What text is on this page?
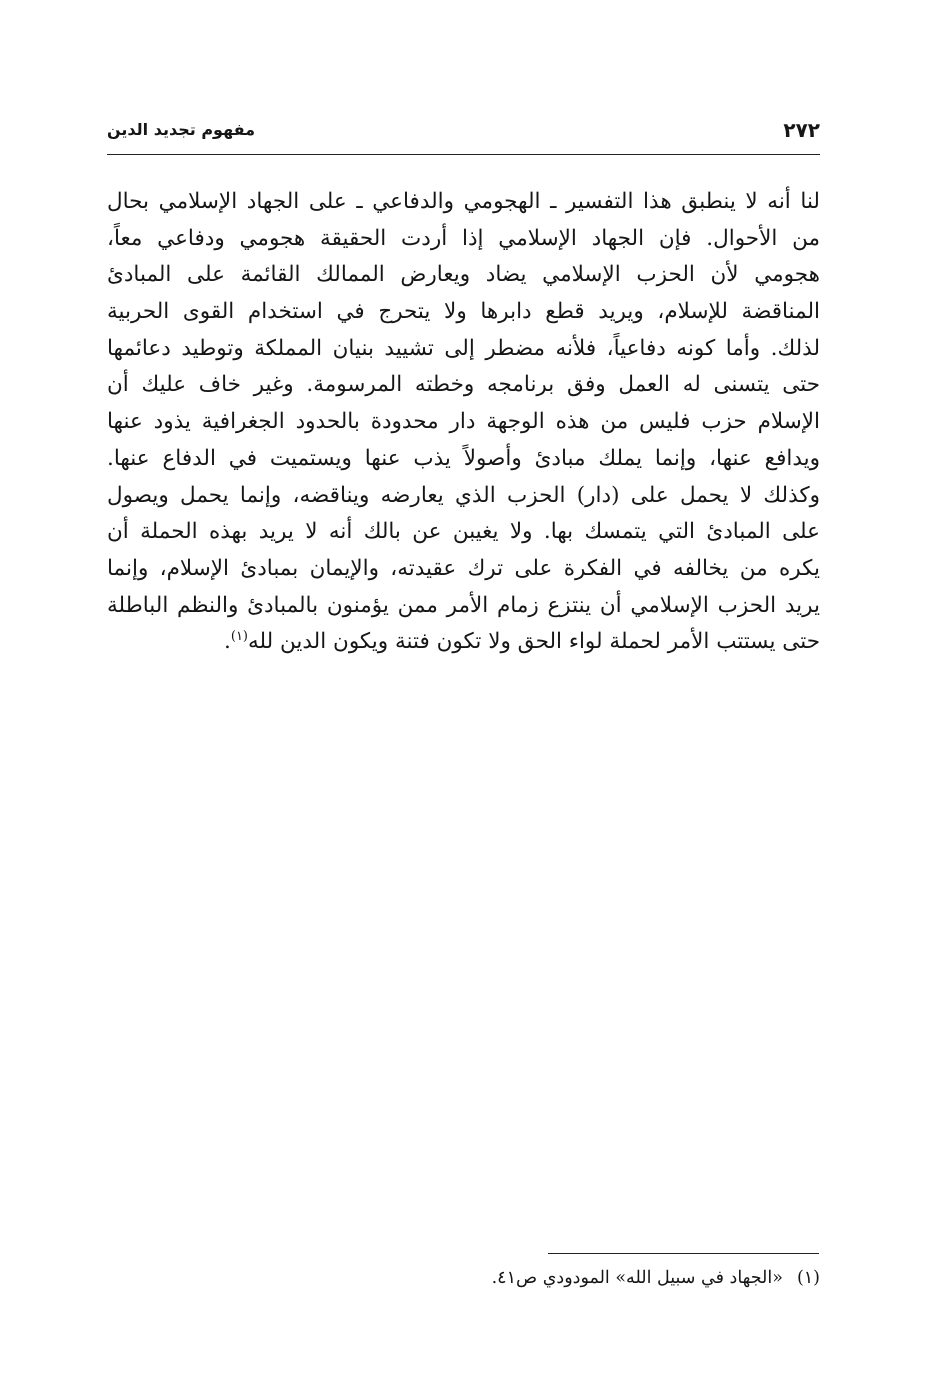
٢٧٢
مفهوم تجديد الدين
لنا أنه لا ينطبق هذا التفسير ـ الهجومي والدفاعي ـ على الجهاد الإسلامي بحال
من الأحوال. فإن الجهاد الإسلامي إذا أردت الحقيقة هجومي ودفاعي معاً،
هجومي لأن الحزب الإسلامي يضاد ويعارض الممالك القائمة على المبادئ
المناقضة للإسلام، ويريد قطع دابرها ولا يتحرج في استخدام القوى الحربية
لذلك. وأما كونه دفاعياً، فلأنه مضطر إلى تشييد بنيان المملكة وتوطيد دعائمها
حتى يتسنى له العمل وفق برنامجه وخطته المرسومة. وغير خاف عليك أن
الإسلام حزب فليس من هذه الوجهة دار محدودة بالحدود الجغرافية يذود عنها
ويدافع عنها، وإنما يملك مبادئ وأصولاً يذب عنها ويستميت في الدفاع عنها.
وكذلك لا يحمل على (دار) الحزب الذي يعارضه ويناقضه، وإنما يحمل ويصول
على المبادئ التي يتمسك بها. ولا يغيبن عن بالك أنه لا يريد بهذه الحملة أن
يكره من يخالفه في الفكرة على ترك عقيدته، والإيمان بمبادئ الإسلام، وإنما
يريد الحزب الإسلامي أن ينتزع زمام الأمر ممن يؤمنون بالمبادئ والنظم الباطلة
حتى يستتب الأمر لحملة لواء الحق ولا تكون فتنة ويكون الدين لله$^{(١)}$.
(١)«الجهاد في سبيل الله» المودودي ص٤١.
